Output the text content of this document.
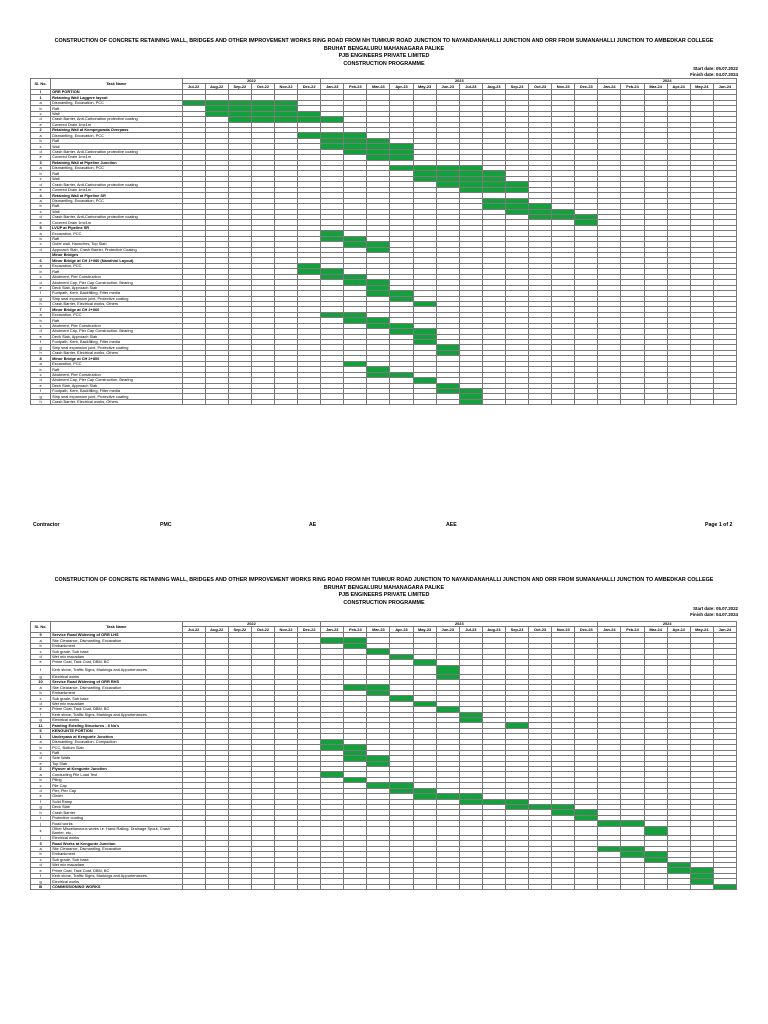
CONSTRUCTION OF CONCRETE RETAINING WALL, BRIDGES AND OTHER IMPROVEMENT WORKS RING ROAD FROM NH TUMKUR ROAD JUNCTION TO NAYANDANAHALLI JUNCTION AND ORR FROM SUMANAHALLI JUNCTION TO AMBEDKAR COLLEGE
BRUHAT BENGALURU MAHANAGARA PALIKE
PJB ENGINEERS PRIVATE LIMITED
CONSTRUCTION PROGRAMME
Start date: 05.07.2022
Finish date: 04.07.2024
Sl. No.	Task Name	2022						2023												2024					
		Jul-22	Aug-22	Sep-22	Oct-22	Nov-22	Dec-22	Jan-23	Feb-23	Mar-23	Apr-23	May-23	Jun-23	Jul-23	Aug-23	Sep-23	Oct-23	Nov-23	Dec-23	Jan-24	Feb-24	Mar-24	Apr-24	May-24	Jun-24
I	ORR PORTION																								
1	Retaining Wall Laggere layout																								
a	Dismantling, Excavation, PCC																								
b	Raft																								
c	Wall																								
d	Crash Barrier, Anti-Carbonation protective coating																								
e	Covered Drain 1mx1m																								
2	Retaining Wall at Kempegowda Overpass																								
a	Dismantling, Excavation, PCC																								
b	Raft																								
c	Wall																								
d	Crash Barrier, Anti-Carbonation protective coating																								
e	Covered Drain 1mx1m																								
3	Retaining Wall at Pipeline Junction																								
a	Dismantling, Excavation, PCC																								
b	Raft																								
c	Wall																								
d	Crash Barrier, Anti-Carbonation protective coating																								
e	Covered Drain 1mx1m																								
4	Retaining Wall at Pipeline SR																								
a	Dismantling, Excavation, PCC																								
b	Raft																								
c	Wall																								
d	Crash Barrier, Anti-Carbonation protective coating																								
e	Covered Drain 1mx1m																								
5	LVUP at Pipeline SR																								
a	Excavation, PCC																								
b	Raft																								
c	Outer wall, Haunches, Top Slab																								
d	Approach Slab, Crash Barrier, Protective Coating																								
	Minor Bridges																								
6	Minor Bridge at CH 1+080 (Nandhini Layout)																								
a	Excavation, PCC																								
b	Raft																								
c	Abutment, Pier Construction																								
d	Abutment Cap, Pier Cap Construction, Bearing																								
e	Deck Slab, Approach Slab																								
f	Footpath, Kerb, Backfilling, Filter media																								
g	Strip seal expansion joint, Protective coating																								
h	Crash Barrier, Electrical works, Others																								
7	Minor Bridge at CH 2+060																								
a	Excavation, PCC																								
b	Raft																								
c	Abutment, Pier Construction																								
d	Abutment Cap, Pier Cap Construction, Bearing																								
e	Deck Slab, Approach Slab																								
f	Footpath, Kerb, Backfilling, Filter media																								
g	Strip seal expansion joint, Protective coating																								
h	Crash Barrier, Electrical works, Others																								
8	Minor Bridge at CH 2+800																								
a	Excavation, PCC																								
b	Raft																								
c	Abutment, Pier Construction																								
d	Abutment Cap, Pier Cap Construction, Bearing																								
e	Deck Slab, Approach Slab																								
f	Footpath, Kerb, Backfilling, Filter media																								
g	Strip seal expansion joint, Protective coating																								
h	Crash Barrier, Electrical works, Others																								
Contractor	PMC	AE	AEE	Page 1 of 2
CONSTRUCTION OF CONCRETE RETAINING WALL, BRIDGES AND OTHER IMPROVEMENT WORKS RING ROAD FROM NH TUMKUR ROAD JUNCTION TO NAYANDANAHALLI JUNCTION AND ORR FROM SUMANAHALLI JUNCTION TO AMBEDKAR COLLEGE
BRUHAT BENGALURU MAHANAGARA PALIKE
PJB ENGINEERS PRIVATE LIMITED
CONSTRUCTION PROGRAMME
Start date: 05.07.2022
Finish date: 04.07.2024
Sl. No.	Task Name	2022						2023												2024					
		Jul-22	Aug-22	Sep-22	Oct-22	Nov-22	Dec-22	Jan-23	Feb-23	Mar-23	Apr-23	May-23	Jun-23	Jul-23	Aug-23	Sep-23	Oct-23	Nov-23	Dec-23	Jan-24	Feb-24	Mar-24	Apr-24	May-24	Jun-24
9	Service Road Widening of ORR LHS																								
a	Site Clearance, Dismantling, Excavation																								
b	Embankment																								
c	Sub grade, Sub base																								
d	Wet mix macadam																								
e	Prime Coat, Tack Coat, DBM, BC																								
f	Kerb stone, Traffic Signs, Markings and Appurtenances																								
g	Electrical works																								
10	Service Road Widening of ORR RHS																								
a	Site Clearance, Dismantling, Excavation																								
b	Embankment																								
c	Sub grade, Sub base																								
d	Wet mix macadam																								
e	Prime Coat, Tack Coat, DBM, BC																								
f	Kerb stone, Traffic Signs, Markings and Appurtenances																								
g	Electrical works																								
11	Painting Existing Structures - 8 No's																								
II	KENGUNTE PORTION																								
1	Underpass at Kengunte Junction																								
a	Dismantling, Excavation, Compaction																								
b	PCC, Bottom Slab																								
c	Raft																								
d	Side Walls																								
e	Top Slab																								
2	Flyover at Kengunte Junction																								
a	Conducting Pile Load Test																								
b	Piling																								
c	Pile Cap																								
d	Pier, Pier Cap																								
e	Girder																								
f	Solid Ramp																								
g	Deck Slab																								
h	Crash Barrier																								
i	Protective coating																								
j	Road works																								
k	Other Miscellaneous works i.e. Hand Railing, Drainage Spout, Crash Barrier, etc.,																								
l	Electrical works																								
3	Road Works at Kengunte Junction																								
a	Site Clearance, Dismantling, Excavation																								
b	Embankment																								
c	Sub grade, Sub base																								
d	Wet mix macadam																								
e	Prime Coat, Tack Coat, DBM, BC																								
f	Kerb stone, Traffic Signs, Markings and Appurtenances																								
g	Electrical works																								
III	COMMISSIONING WORKS																								
